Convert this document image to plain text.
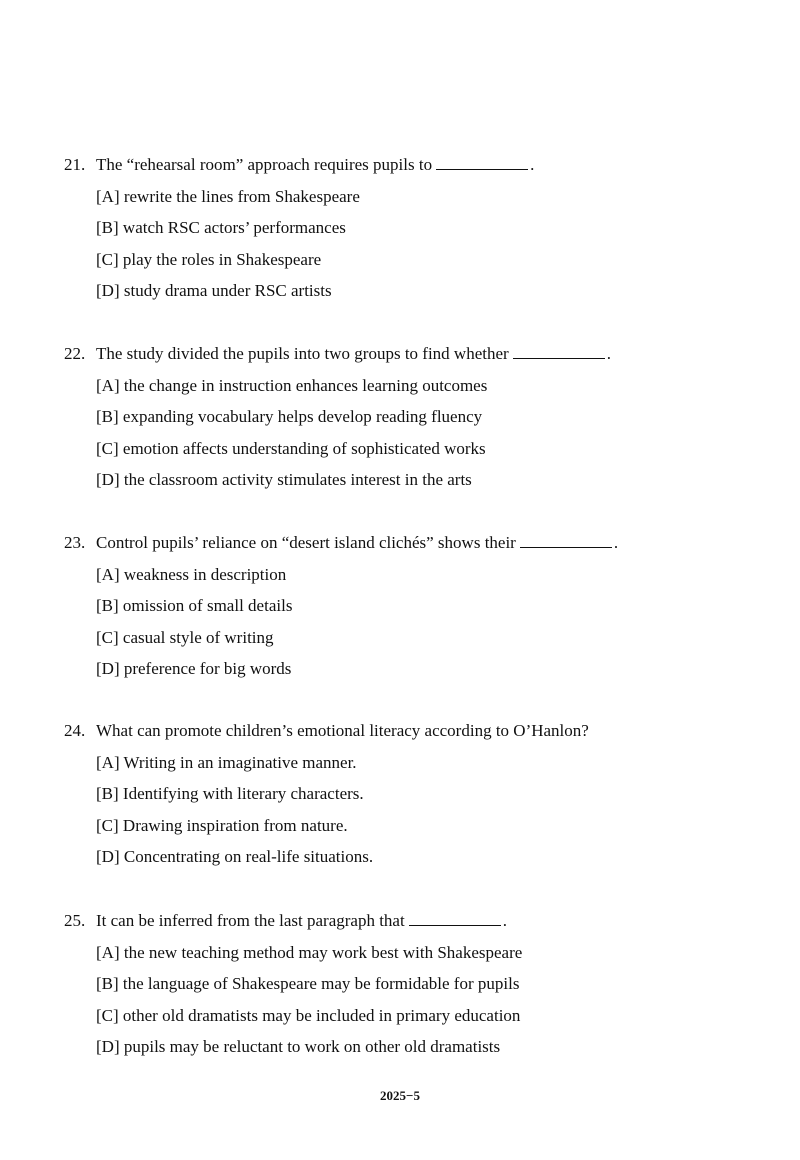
21. The “rehearsal room” approach requires pupils to	.
[A] rewrite the lines from Shakespeare
[B] watch RSC actors’ performances
[C] play the roles in Shakespeare
[D] study drama under RSC artists
22. The study divided the pupils into two groups to find whether	.
[A] the change in instruction enhances learning outcomes
[B] expanding vocabulary helps develop reading fluency
[C] emotion affects understanding of sophisticated works
[D] the classroom activity stimulates interest in the arts
23. Control pupils’ reliance on “desert island clichés” shows their	.
[A] weakness in description
[B] omission of small details
[C] casual style of writing
[D] preference for big words
24. What can promote children’s emotional literacy according to O’Hanlon?
[A] Writing in an imaginative manner.
[B] Identifying with literary characters.
[C] Drawing inspiration from nature.
[D] Concentrating on real-life situations.
25. It can be inferred from the last paragraph that	.
[A] the new teaching method may work best with Shakespeare
[B] the language of Shakespeare may be formidable for pupils
[C] other old dramatists may be included in primary education
[D] pupils may be reluctant to work on other old dramatists
2025−5
